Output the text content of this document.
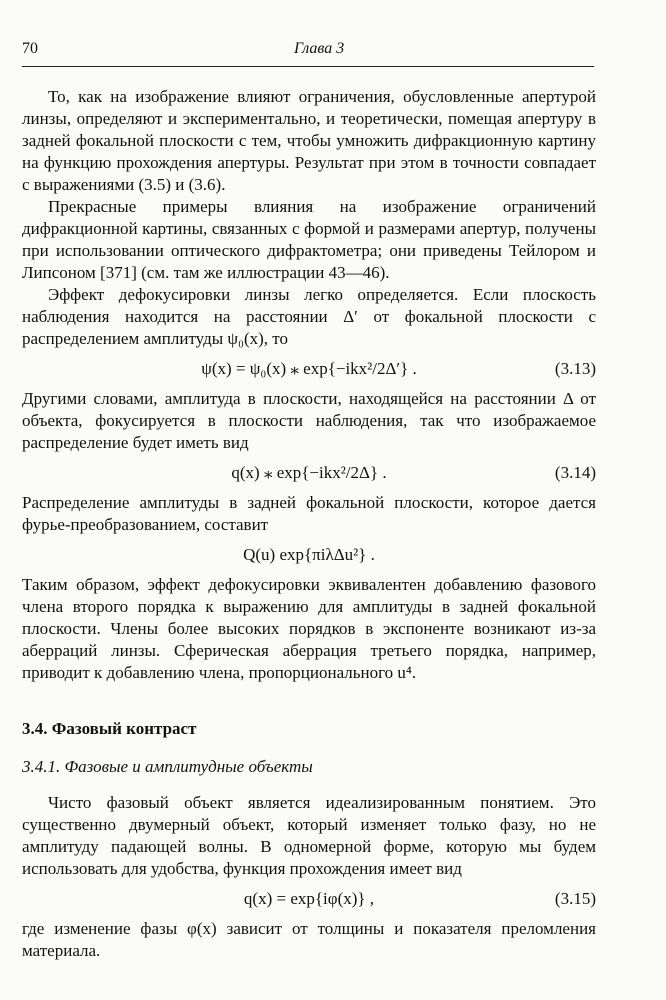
70	Глава 3

То, как на изображение влияют ограничения, обусловленные апертурой линзы, определяют и экспериментально, и теоретически, помещая апертуру в задней фокальной плоскости с тем, чтобы умножить дифракционную картину на функцию прохождения апертуры. Результат при этом в точности совпадает с выражениями (3.5) и (3.6).

Прекрасные примеры влияния на изображение ограничений дифракционной картины, связанных с формой и размерами апертур, получены при использовании оптического дифрактометра; они приведены Тейлором и Липсоном [371] (см. там же иллюстрации 43—46).

Эффект дефокусировки линзы легко определяется. Если плоскость наблюдения находится на расстоянии Δ′ от фокальной плоскости с распределением амплитуды ψ₀(x), то

ψ(x) = ψ₀(x) ⁎ exp{−ikx²/2Δ′} .	(3.13)

Другими словами, амплитуда в плоскости, находящейся на расстоянии Δ от объекта, фокусируется в плоскости наблюдения, так что изображаемое распределение будет иметь вид

q(x) ⁎ exp{−ikx²/2Δ} .	(3.14)

Распределение амплитуды в задней фокальной плоскости, которое дается фурье-преобразованием, составит

Q(u) exp{πiλΔu²} .

Таким образом, эффект дефокусировки эквивалентен добавлению фазового члена второго порядка к выражению для амплитуды в задней фокальной плоскости. Члены более высоких порядков в экспоненте возникают из-за аберраций линзы. Сферическая аберрация третьего порядка, например, приводит к добавлению члена, пропорционального u⁴.

3.4. Фазовый контраст
3.4.1. Фазовые и амплитудные объекты

Чисто фазовый объект является идеализированным понятием. Это существенно двумерный объект, который изменяет только фазу, но не амплитуду падающей волны. В одномерной форме, которую мы будем использовать для удобства, функция прохождения имеет вид

q(x) = exp{iφ(x)} ,	(3.15)

где изменение фазы φ(x) зависит от толщины и показателя преломления материала.
